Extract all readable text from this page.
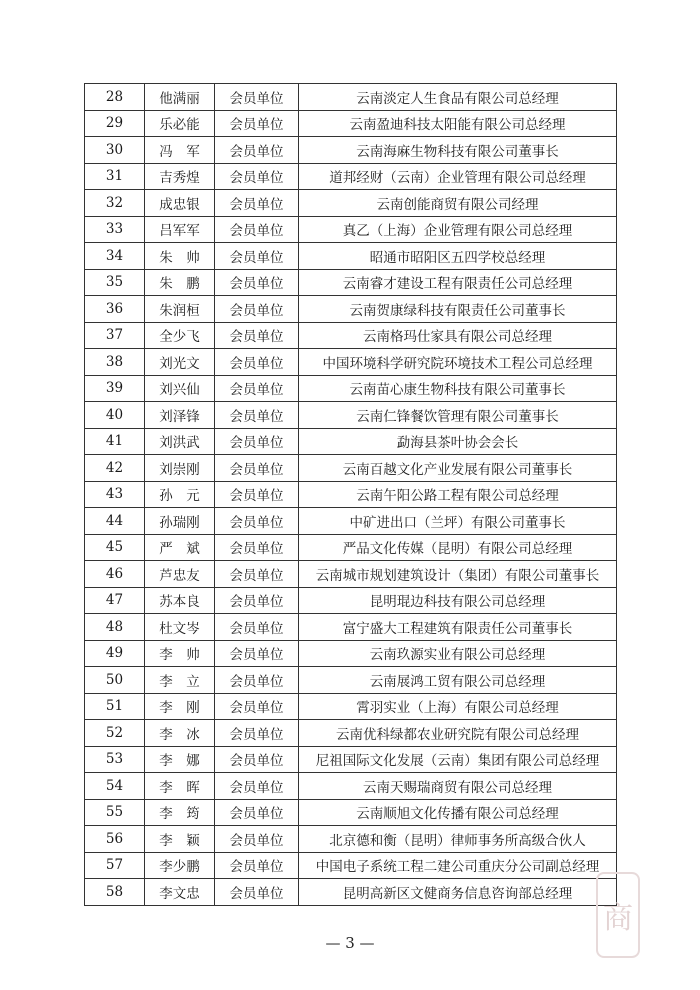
28	他满丽	会员单位	云南淡定人生食品有限公司总经理
29	乐必能	会员单位	云南盈迪科技太阳能有限公司总经理
30	冯　军	会员单位	云南海麻生物科技有限公司董事长
31	吉秀煌	会员单位	道邦经财（云南）企业管理有限公司总经理
32	成忠银	会员单位	云南创能商贸有限公司经理
33	吕军军	会员单位	真乙（上海）企业管理有限公司总经理
34	朱　帅	会员单位	昭通市昭阳区五四学校总经理
35	朱　鹏	会员单位	云南睿才建设工程有限责任公司总经理
36	朱润桓	会员单位	云南贺康绿科技有限责任公司董事长
37	全少飞	会员单位	云南格玛仕家具有限公司总经理
38	刘光文	会员单位	中国环境科学研究院环境技术工程公司总经理
39	刘兴仙	会员单位	云南苗心康生物科技有限公司董事长
40	刘泽锋	会员单位	云南仁锋餐饮管理有限公司董事长
41	刘洪武	会员单位	勐海县茶叶协会会长
42	刘崇刚	会员单位	云南百越文化产业发展有限公司董事长
43	孙　元	会员单位	云南午阳公路工程有限公司总经理
44	孙瑞刚	会员单位	中矿进出口（兰坪）有限公司董事长
45	严　斌	会员单位	严品文化传媒（昆明）有限公司总经理
46	芦忠友	会员单位	云南城市规划建筑设计（集团）有限公司董事长
47	苏本良	会员单位	昆明琨边科技有限公司总经理
48	杜文岑	会员单位	富宁盛大工程建筑有限责任公司董事长
49	李　帅	会员单位	云南玖源实业有限公司总经理
50	李　立	会员单位	云南展鸿工贸有限公司总经理
51	李　刚	会员单位	霄羽实业（上海）有限公司总经理
52	李　冰	会员单位	云南优科绿都农业研究院有限公司总经理
53	李　娜	会员单位	尼祖国际文化发展（云南）集团有限公司总经理
54	李　晖	会员单位	云南天赐瑞商贸有限公司总经理
55	李　筠	会员单位	云南顺旭文化传播有限公司总经理
56	李　颖	会员单位	北京德和衡（昆明）律师事务所高级合伙人
57	李少鹏	会员单位	中国电子系统工程二建公司重庆分公司副总经理
58	李文忠	会员单位	昆明高新区文健商务信息咨询部总经理
— 3 —
商
